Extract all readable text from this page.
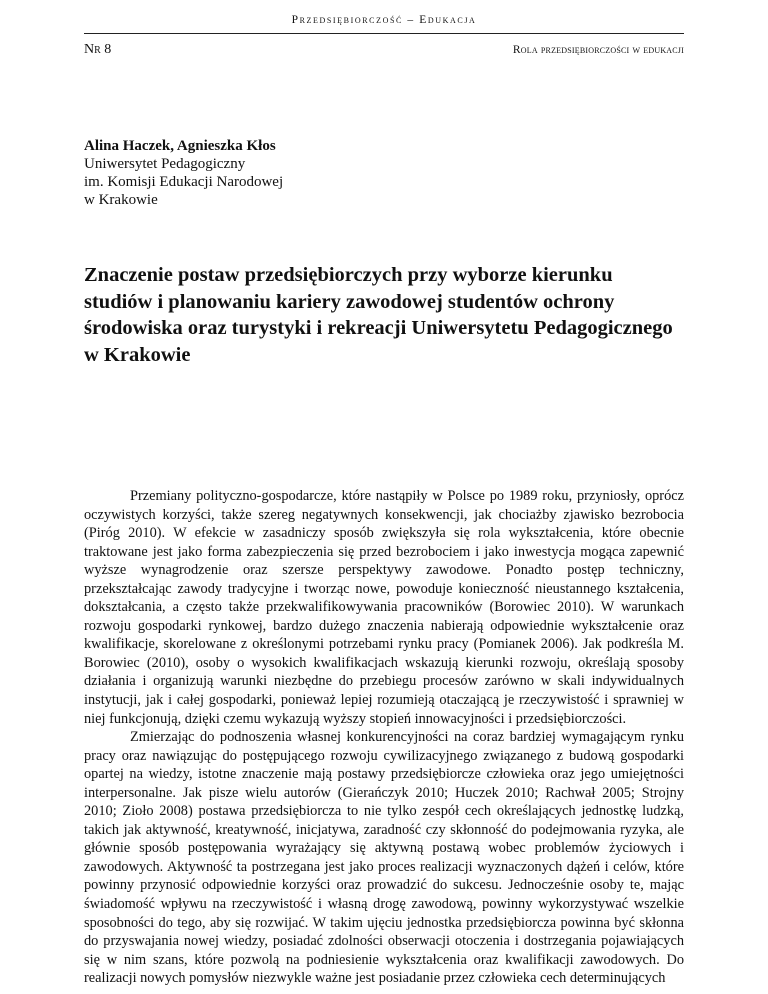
Przedsiębiorczość – Edukacja
Nr 8	Rola przedsiębiorczości w edukacji
Alina Haczek, Agnieszka Kłos
Uniwersytet Pedagogiczny
im. Komisji Edukacji Narodowej
w Krakowie
Znaczenie postaw przedsiębiorczych przy wyborze kierunku studiów i planowaniu kariery zawodowej studentów ochrony środowiska oraz turystyki i rekreacji Uniwersytetu Pedagogicznego w Krakowie

Przemiany polityczno-gospodarcze, które nastąpiły w Polsce po 1989 roku, przyniosły, oprócz oczywistych korzyści, także szereg negatywnych konsekwencji, jak chociażby zjawisko bezrobocia (Piróg 2010). W efekcie w zasadniczy sposób zwiększyła się rola wykształcenia, które obecnie traktowane jest jako forma zabezpieczenia się przed bezrobociem i jako inwestycja mogąca zapewnić wyższe wynagrodzenie oraz szersze perspektywy zawodowe. Ponadto postęp techniczny, przekształcając zawody tradycyjne i tworząc nowe, powoduje konieczność nieustannego kształcenia, dokształcania, a często także przekwalifikowywania pracowników (Borowiec 2010). W warunkach rozwoju gospodarki rynkowej, bardzo dużego znaczenia nabierają odpowiednie wykształcenie oraz kwalifikacje, skorelowane z określonymi potrzebami rynku pracy (Pomianek 2006). Jak podkreśla M. Borowiec (2010), osoby o wysokich kwalifikacjach wskazują kierunki rozwoju, określają sposoby działania i organizują warunki niezbędne do przebiegu procesów zarówno w skali indywidualnych instytucji, jak i całej gospodarki, ponieważ lepiej rozumieją otaczającą je rzeczywistość i sprawniej w niej funkcjonują, dzięki czemu wykazują wyższy stopień innowacyjności i przedsiębiorczości.

Zmierzając do podnoszenia własnej konkurencyjności na coraz bardziej wymagającym rynku pracy oraz nawiązując do postępującego rozwoju cywilizacyjnego związanego z budową gospodarki opartej na wiedzy, istotne znaczenie mają postawy przedsiębiorcze człowieka oraz jego umiejętności interpersonalne. Jak pisze wielu autorów (Gierańczyk 2010; Huczek 2010; Rachwał 2005; Strojny 2010; Zioło 2008) postawa przedsiębiorcza to nie tylko zespół cech określających jednostkę ludzką, takich jak aktywność, kreatywność, inicjatywa, zaradność czy skłonność do podejmowania ryzyka, ale głównie sposób postępowania wyrażający się aktywną postawą wobec problemów życiowych i zawodowych. Aktywność ta postrzegana jest jako proces realizacji wyznaczonych dążeń i celów, które powinny przynosić odpowiednie korzyści oraz prowadzić do sukcesu. Jednocześnie osoby te, mając świadomość wpływu na rzeczywistość i własną drogę zawodową, powinny wykorzystywać wszelkie sposobności do tego, aby się rozwijać. W takim ujęciu jednostka przedsiębiorcza powinna być skłonna do przyswajania nowej wiedzy, posiadać zdolności obserwacji otoczenia i dostrzegania pojawiających się w nim szans, które pozwolą na podniesienie wykształcenia oraz kwalifikacji zawodowych. Do realizacji nowych pomysłów niezwykle ważne jest posiadanie przez człowieka cech determinujących
